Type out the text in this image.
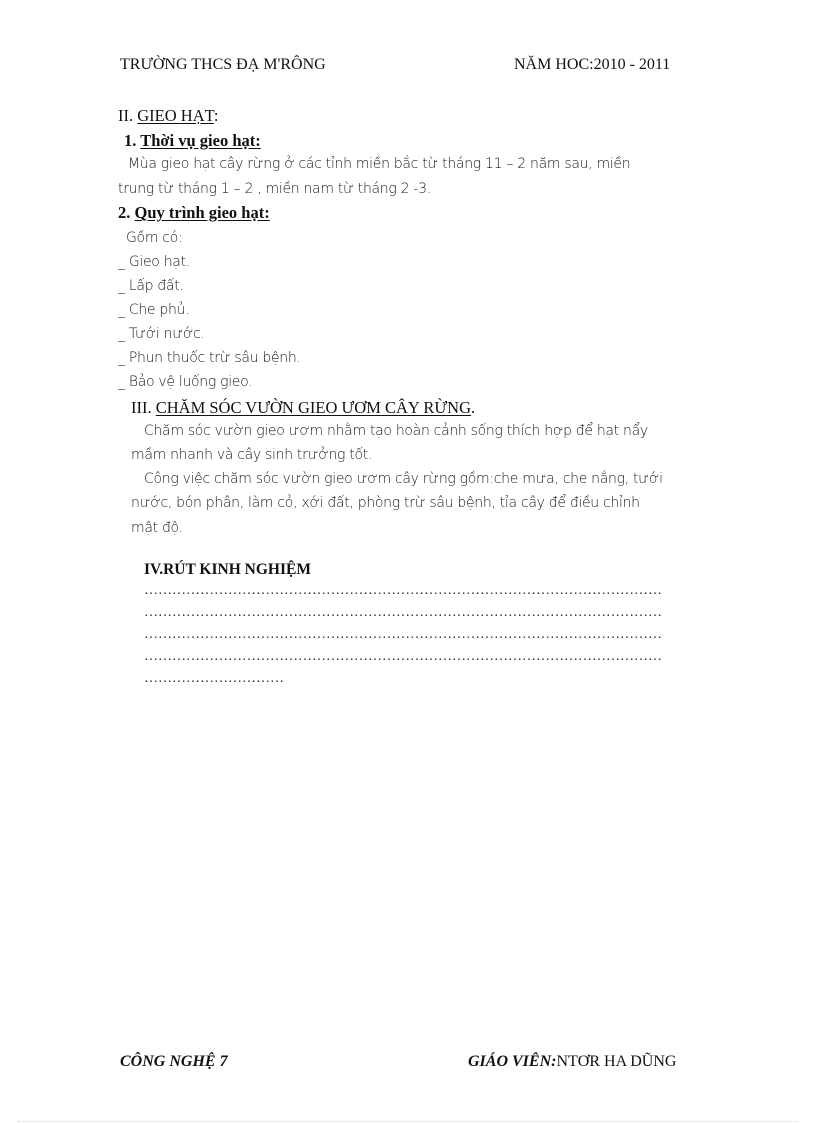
TRƯỜNG THCS ĐẠ M'RÔNG	NĂM HOC:2010 - 2011
II. GIEO HẠT:
1. Thời vụ gieo hạt:
Mùa gieo hạt cây rừng ở các tỉnh miền bắc từ tháng 11 – 2 năm sau, miền
trung từ tháng 1 – 2 , miền nam từ tháng 2 -3.
2. Quy trình gieo hạt:
Gồm có:
_ Gieo hạt.
_ Lấp đất.
_ Che phủ.
_ Tưới nước.
_ Phun thuốc trừ sâu bệnh.
_ Bảo vệ luống gieo.
III. CHĂM SÓC VƯỜN GIEO ƯƠM CÂY RỪNG.
Chăm sóc vườn gieo ươm nhằm tạo hoàn cảnh sống thích hợp để hạt nẩy
mầm nhanh và cây sinh trưởng tốt.
Công việc chăm sóc vườn gieo ươm cây rừng gồm:che mưa, che nắng, tưới
nước, bón phân, làm cỏ, xới đất, phòng trừ sâu bệnh, tỉa cây để điều chỉnh
mật độ.
IV.RÚT KINH NGHIỆM
…………………………………………………………………………………………………
…………………………………………………………………………………………………
…………………………………………………………………………………………………
…………………………………………………………………………………………………
…………………………
CÔNG NGHỆ 7	GIÁO VIÊN:NTƠR HA DŨNG
